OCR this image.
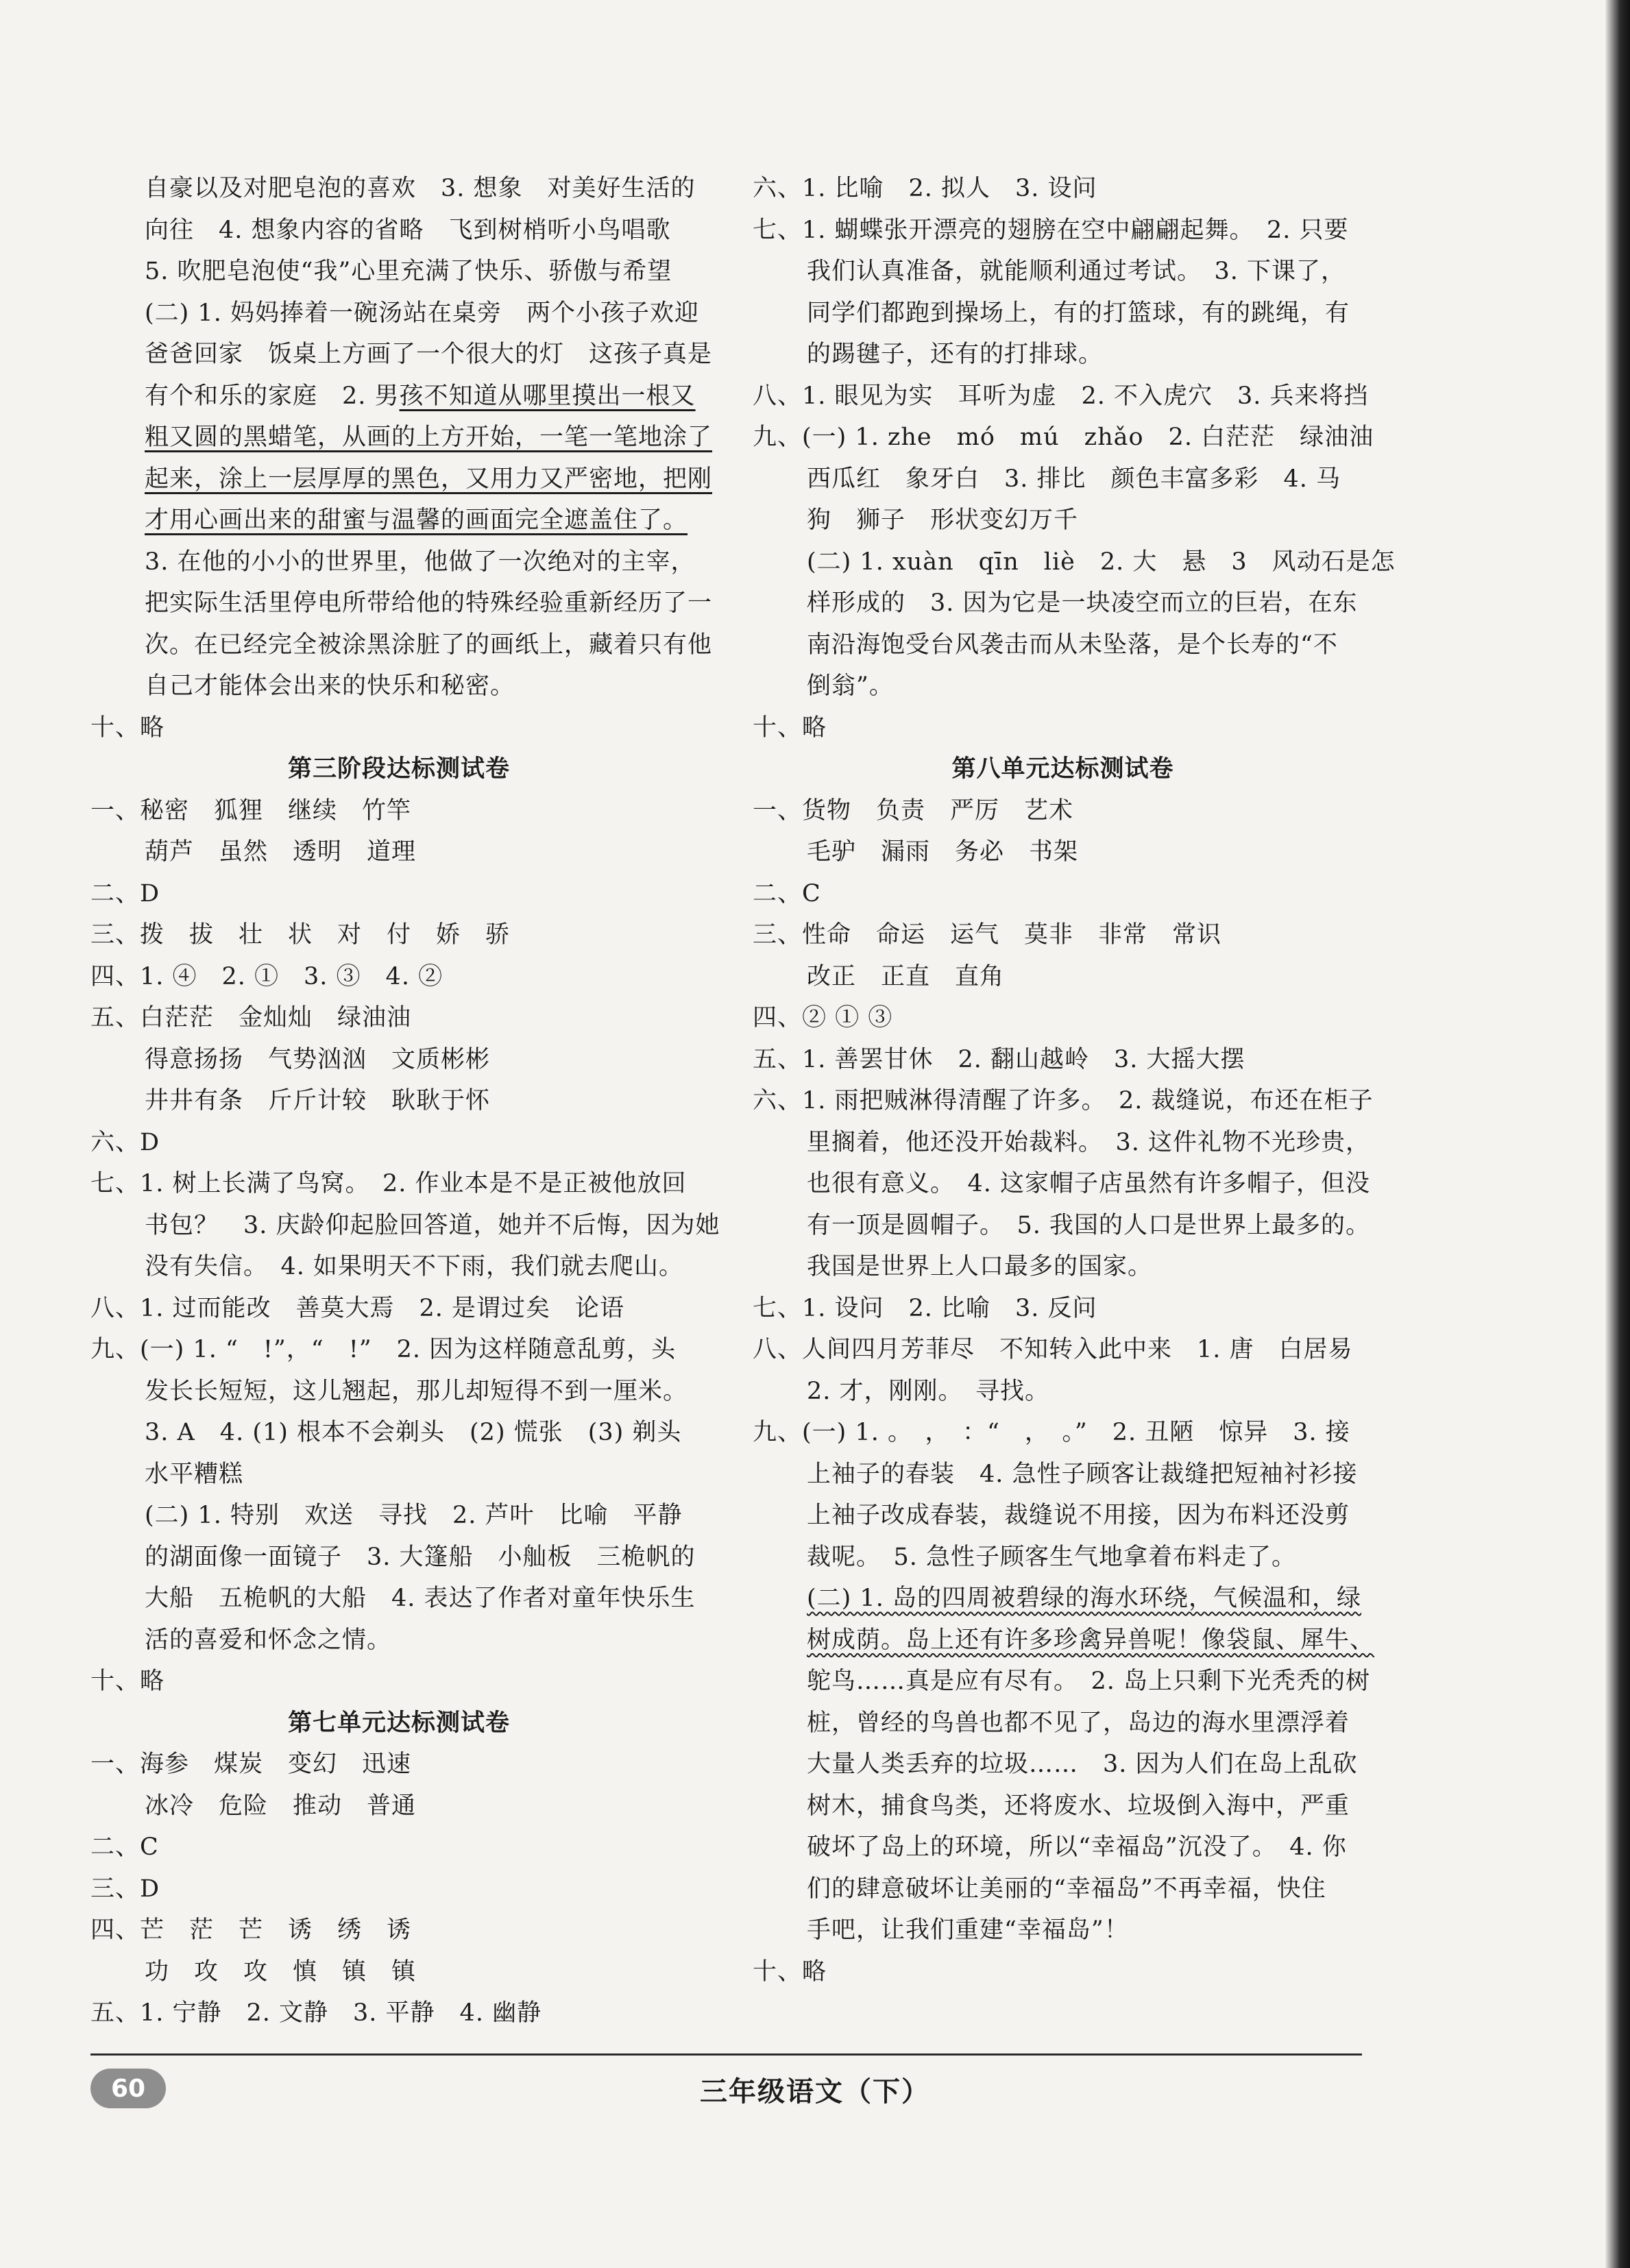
自豪以及对肥皂泡的喜欢　3. 想象　对美好生活的
向往　4. 想象内容的省略　飞到树梢听小鸟唱歌
5. 吹肥皂泡使“我”心里充满了快乐、骄傲与希望
(二) 1. 妈妈捧着一碗汤站在桌旁　两个小孩子欢迎
爸爸回家　饭桌上方画了一个很大的灯　这孩子真是
有个和乐的家庭　2. 男孩不知道从哪里摸出一根又
粗又圆的黑蜡笔，从画的上方开始，一笔一笔地涂了
起来，涂上一层厚厚的黑色，又用力又严密地，把刚
才用心画出来的甜蜜与温馨的画面完全遮盖住了。
3. 在他的小小的世界里，他做了一次绝对的主宰，
把实际生活里停电所带给他的特殊经验重新经历了一
次。在已经完全被涂黑涂脏了的画纸上，藏着只有他
自己才能体会出来的快乐和秘密。
十、略
第三阶段达标测试卷
一、秘密　狐狸　继续　竹竿
葫芦　虽然　透明　道理
二、D
三、拨　拔　壮　状　对　付　娇　骄
四、1. ④　2. ①　3. ③　4. ②
五、白茫茫　金灿灿　绿油油
得意扬扬　气势汹汹　文质彬彬
井井有条　斤斤计较　耿耿于怀
六、D
七、1. 树上长满了鸟窝。　2. 作业本是不是正被他放回
书包？　3. 庆龄仰起脸回答道，她并不后悔，因为她
没有失信。　4. 如果明天不下雨，我们就去爬山。
八、1. 过而能改　善莫大焉　2. 是谓过矣　论语
九、(一) 1. “　!”，“　!”　2. 因为这样随意乱剪，头
发长长短短，这儿翘起，那儿却短得不到一厘米。
3. A　4. (1) 根本不会剃头　(2) 慌张　(3) 剃头
水平糟糕
(二) 1. 特别　欢送　寻找　2. 芦叶　比喻　平静
的湖面像一面镜子　3. 大篷船　小舢板　三桅帆的
大船　五桅帆的大船　4. 表达了作者对童年快乐生
活的喜爱和怀念之情。
十、略
第七单元达标测试卷
一、海参　煤炭　变幻　迅速
冰冷　危险　推动　普通
二、C
三、D
四、芒　茫　芒　诱　绣　诱
功　攻　攻　慎　镇　镇
五、1. 宁静　2. 文静　3. 平静　4. 幽静
六、1. 比喻　2. 拟人　3. 设问
七、1. 蝴蝶张开漂亮的翅膀在空中翩翩起舞。　2. 只要
我们认真准备，就能顺利通过考试。　3. 下课了，
同学们都跑到操场上，有的打篮球，有的跳绳，有
的踢毽子，还有的打排球。
八、1. 眼见为实　耳听为虚　2. 不入虎穴　3. 兵来将挡
九、(一) 1. zhe　mó　mú　zhǎo　2. 白茫茫　绿油油
西瓜红　象牙白　3. 排比　颜色丰富多彩　4. 马
狗　狮子　形状变幻万千
(二) 1. xuàn　qīn　liè　2. 大　悬　3　风动石是怎
样形成的　3. 因为它是一块凌空而立的巨岩，在东
南沿海饱受台风袭击而从未坠落，是个长寿的“不
倒翁”。
十、略
第八单元达标测试卷
一、货物　负责　严厉　艺术
毛驴　漏雨　务必　书架
二、C
三、性命　命运　运气　莫非　非常　常识
改正　正直　直角
四、② ① ③
五、1. 善罢甘休　2. 翻山越岭　3. 大摇大摆
六、1. 雨把贼淋得清醒了许多。　2. 裁缝说，布还在柜子
里搁着，他还没开始裁料。　3. 这件礼物不光珍贵，
也很有意义。　4. 这家帽子店虽然有许多帽子，但没
有一顶是圆帽子。　5. 我国的人口是世界上最多的。
我国是世界上人口最多的国家。
七、1. 设问　2. 比喻　3. 反问
八、人间四月芳菲尽　不知转入此中来　1. 唐　白居易
2. 才，刚刚。　寻找。
九、(一) 1. 。　，　：“　，　。”　2. 丑陋　惊异　3. 接
上袖子的春装　4. 急性子顾客让裁缝把短袖衬衫接
上袖子改成春装，裁缝说不用接，因为布料还没剪
裁呢。　5. 急性子顾客生气地拿着布料走了。
(二) 1. 岛的四周被碧绿的海水环绕，气候温和，绿
树成荫。岛上还有许多珍禽异兽呢！像袋鼠、犀牛、
鸵鸟……真是应有尽有。　2. 岛上只剩下光秃秃的树
桩，曾经的鸟兽也都不见了，岛边的海水里漂浮着
大量人类丢弃的垃圾……　3. 因为人们在岛上乱砍
树木，捕食鸟类，还将废水、垃圾倒入海中，严重
破坏了岛上的环境，所以“幸福岛”沉没了。　4. 你
们的肆意破坏让美丽的“幸福岛”不再幸福，快住
手吧，让我们重建“幸福岛”！
十、略
60	三年级语文（下）
